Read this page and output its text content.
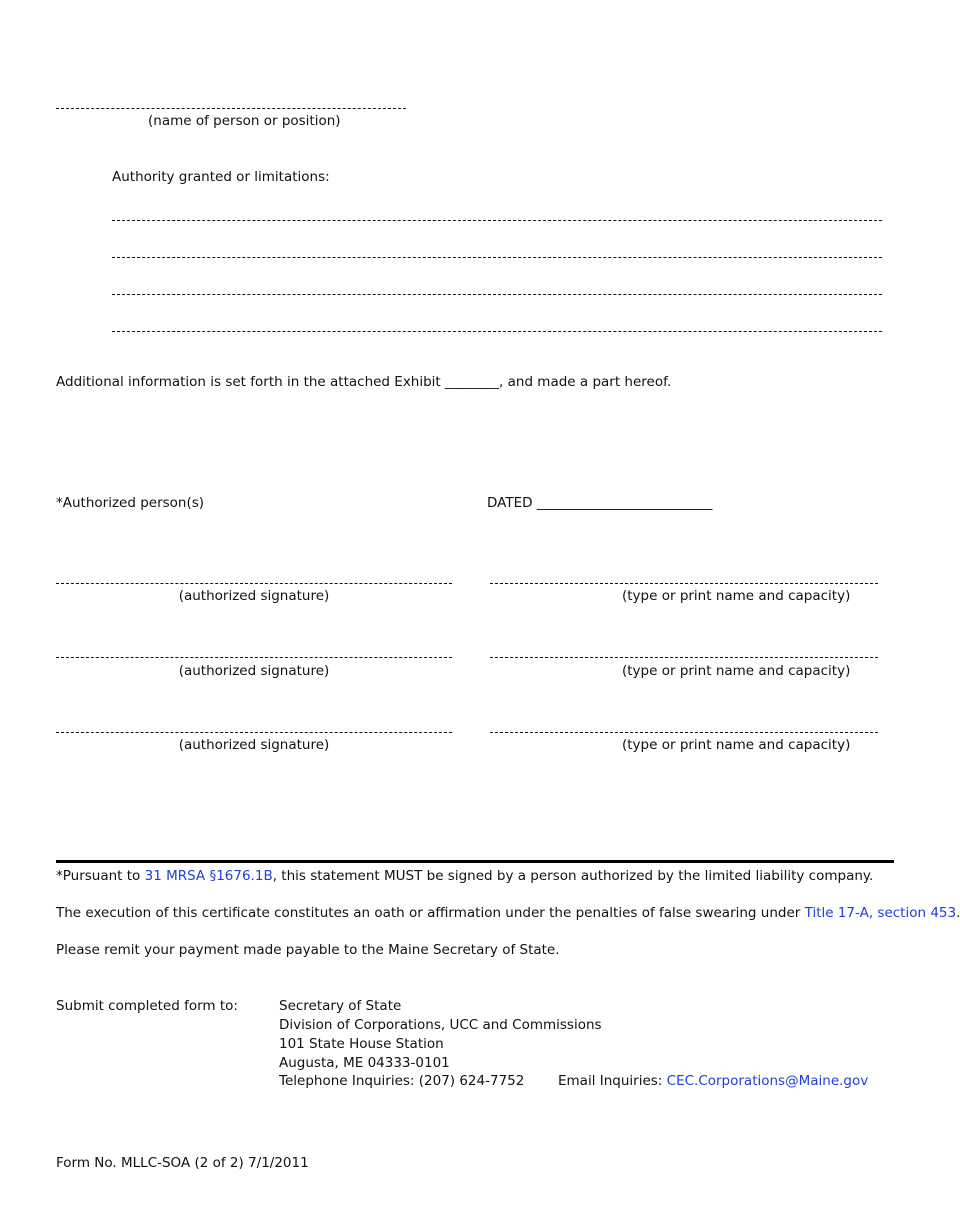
(name of person or position)
Authority granted or limitations:
Additional information is set forth in the attached Exhibit ________, and made a part hereof.
*Authorized person(s)	DATED __________________________
(authorized signature)	(type or print name and capacity)
(authorized signature)	(type or print name and capacity)
(authorized signature)	(type or print name and capacity)
*Pursuant to 31 MRSA §1676.1B, this statement MUST be signed by a person authorized by the limited liability company.
The execution of this certificate constitutes an oath or affirmation under the penalties of false swearing under Title 17-A, section 453.
Please remit your payment made payable to the Maine Secretary of State.
Submit completed form to:	Secretary of State
Division of Corporations, UCC and Commissions
101 State House Station
Augusta, ME 04333-0101
Telephone Inquiries: (207) 624-7752 Email Inquiries: CEC.Corporations@Maine.gov
Form No. MLLC-SOA (2 of 2) 7/1/2011
